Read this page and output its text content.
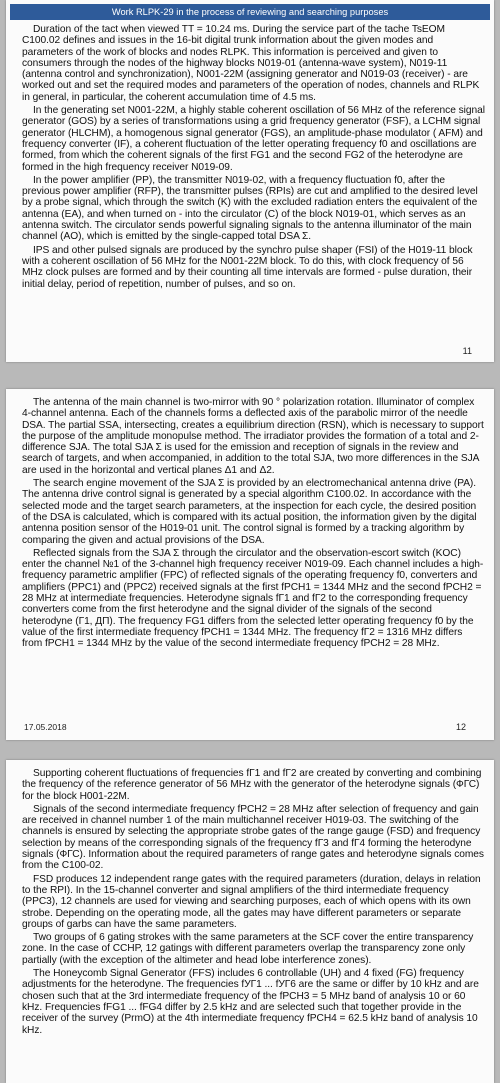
Work RLPK-29 in the process of reviewing and searching purposes

Duration of the tact when viewed TT = 10.24 ms. During the service part of the tache TsEOM C100.02 defines and issues in the 16-bit digital trunk information about the given modes and parameters of the work of blocks and nodes RLPK. This information is perceived and given to consumers through the nodes of the highway blocks N019-01 (antenna-wave system), N019-11 (antenna control and synchronization), N001-22M (assigning generator and N019-03 (receiver) - are worked out and set the required modes and parameters of the operation of nodes, channels and RLPK in general, in particular, the coherent accumulation time of 4.5 ms.

In the generating set N001-22M, a highly stable coherent oscillation of 56 MHz of the reference signal generator (GOS) by a series of transformations using a grid frequency generator (FSF), a LCHM signal generator (HLCHM), a homogenous signal generator (FGS), an amplitude-phase modulator ( AFM) and frequency converter (IF), a coherent fluctuation of the letter operating frequency f0 and oscillations are formed, from which the coherent signals of the first FG1 and the second FG2 of the heterodyne are formed in the high frequency receiver N019-09.

In the power amplifier (PP), the transmitter N019-02, with a frequency fluctuation f0, after the previous power amplifier (RFP), the transmitter pulses (RPIs) are cut and amplified to the desired level by a probe signal, which through the switch (K) with the excluded radiation enters the equivalent of the antenna (EA), and when turned on - into the circulator (C) of the block N019-01, which serves as an antenna switch. The circulator sends powerful signaling signals to the antenna illuminator of the main channel (AO), which is emitted by the single-capped total DSA Σ.

IPS and other pulsed signals are produced by the synchro pulse shaper (FSI) of the H019-11 block with a coherent oscillation of 56 MHz for the N001-22M block. To do this, with clock frequency of 56 MHz clock pulses are formed and by their counting all time intervals are formed - pulse duration, their initial delay, period of repetition, number of pulses, and so on.

11

The antenna of the main channel is two-mirror with 90 ° polarization rotation. Illuminator of complex 4-channel antenna. Each of the channels forms a deflected axis of the parabolic mirror of the needle DSA. The partial SSA, intersecting, creates a equilibrium direction (RSN), which is necessary to support the purpose of the amplitude monopulse method. The irradiator provides the formation of a total and 2-difference SJA. The total SJA Σ is used for the emission and reception of signals in the review and search of targets, and when accompanied, in addition to the total SJA, two more differences in the SJA are used in the horizontal and vertical planes Δ1 and Δ2.

The search engine movement of the SJA Σ is provided by an electromechanical antenna drive (PA). The antenna drive control signal is generated by a special algorithm C100.02. In accordance with the selected mode and the target search parameters, at the inspection for each cycle, the desired position of the DSA is calculated, which is compared with its actual position, the information given by the digital antenna position sensor of the H019-01 unit. The control signal is formed by a tracking algorithm by comparing the given and actual provisions of the DSA.

Reflected signals from the SJA Σ through the circulator and the observation-escort switch (KOC) enter the channel №1 of the 3-channel high frequency receiver N019-09. Each channel includes a high-frequency parametric amplifier (FPC) of reflected signals of the operating frequency f0, converters and amplifiers (PPC1) and (PPC2) received signals at the first fPCH1 = 1344 MHz and the second fPCH2 = 28 MHz at intermediate frequencies. Heterodyne signals fГ1 and fГ2 to the corresponding frequency converters come from the first heterodyne and the signal divider of the signals of the second heterodyne (Г1, ДП). The frequency FG1 differs from the selected letter operating frequency f0 by the value of the first intermediate frequency fPCH1 = 1344 MHz. The frequency fГ2 = 1316 MHz differs from fPCH1 = 1344 MHz by the value of the second intermediate frequency fPCH2 = 28 MHz.

17.05.2018	12

Supporting coherent fluctuations of frequencies fГ1 and fГ2 are created by converting and combining the frequency of the reference generator of 56 MHz with the generator of the heterodyne signals (ФГС) for the block H001-22M.

Signals of the second intermediate frequency fPCH2 = 28 MHz after selection of frequency and gain are received in channel number 1 of the main multichannel receiver H019-03. The switching of the channels is ensured by selecting the appropriate strobe gates of the range gauge (FSD) and frequency selection by means of the corresponding signals of the frequency fГ3 and fГ4 forming the heterodyne signals (ФГС). Information about the required parameters of range gates and heterodyne signals comes from the C100-02.

FSD produces 12 independent range gates with the required parameters (duration, delays in relation to the RPI). In the 15-channel converter and signal amplifiers of the third intermediate frequency (PPC3), 12 channels are used for viewing and searching purposes, each of which opens with its own strobe. Depending on the operating mode, all the gates may have different parameters or separate groups of garbs can have the same parameters.

Two groups of 6 gating strokes with the same parameters at the SCF cover the entire transparency zone. In the case of CCHP, 12 gatings with different parameters overlap the transparency zone only partially (with the exception of the altimeter and head lobe interference zones).

The Honeycomb Signal Generator (FFS) includes 6 controllable (UH) and 4 fixed (FG) frequency adjustments for the heterodyne. The frequencies fУГ1 ... fУГ6 are the same or differ by 10 kHz and are chosen such that at the 3rd intermediate frequency of the fPCH3 = 5 MHz band of analysis 10 or 60 kHz. Frequencies fFG1 ... fFG4 differ by 2.5 kHz and are selected such that together provide in the receiver of the survey (PrmO) at the 4th intermediate frequency fPCH4 = 62.5 kHz band of analysis 10 kHz.
